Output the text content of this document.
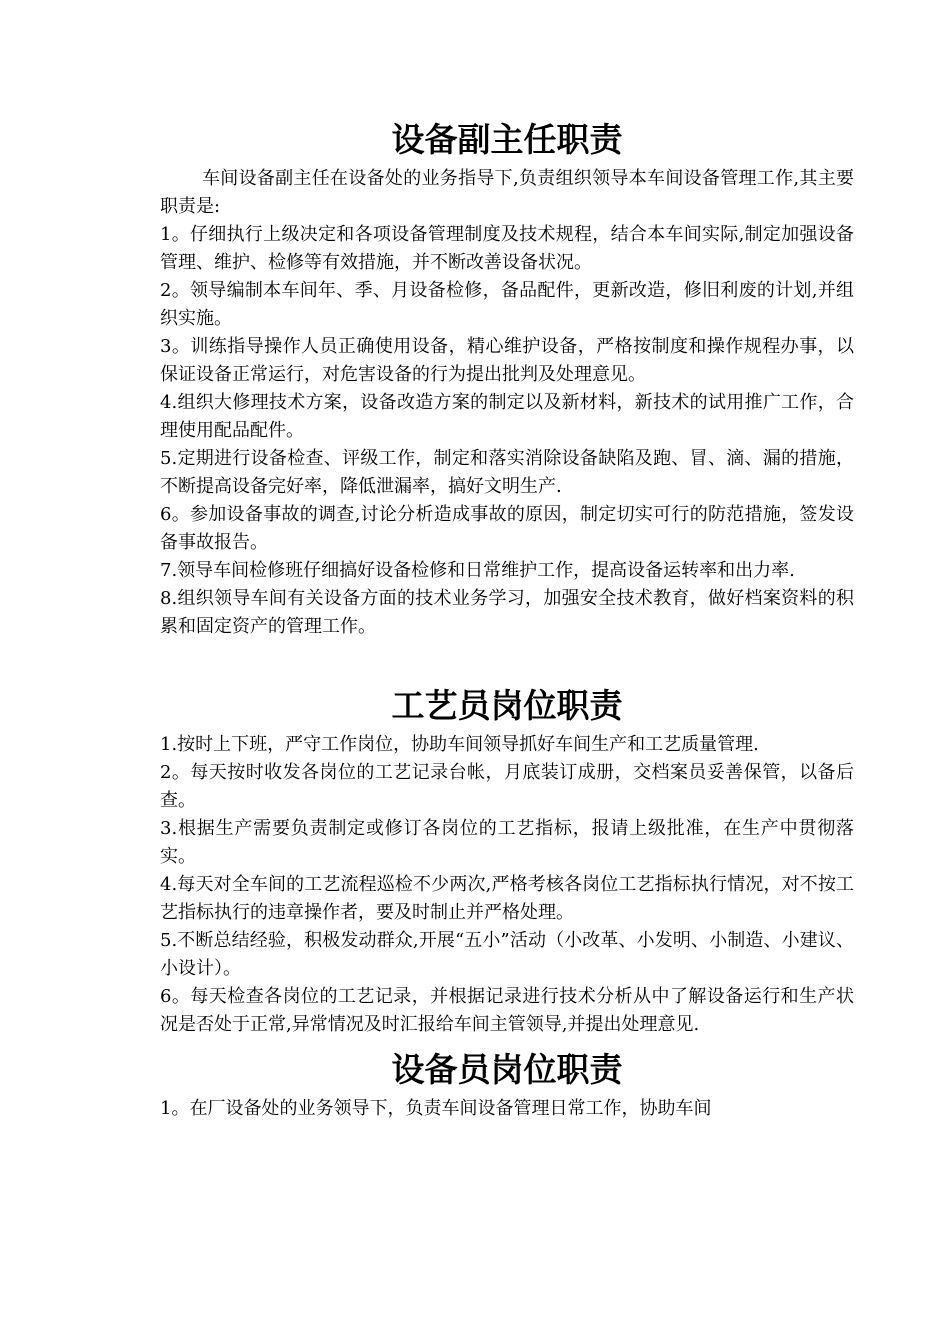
设备副主任职责

车间设备副主任在设备处的业务指导下,负责组织领导本车间设备管理工作,其主要职责是:

1。仔细执行上级决定和各项设备管理制度及技术规程，结合本车间实际,制定加强设备管理、维护、检修等有效措施，并不断改善设备状况。

2。领导编制本车间年、季、月设备检修，备品配件，更新改造，修旧利废的计划,并组织实施。

3。训练指导操作人员正确使用设备，精心维护设备，严格按制度和操作规程办事，以保证设备正常运行，对危害设备的行为提出批判及处理意见。

4.组织大修理技术方案，设备改造方案的制定以及新材料，新技术的试用推广工作，合理使用配品配件。

5.定期进行设备检查、评级工作，制定和落实消除设备缺陷及跑、冒、滴、漏的措施，不断提高设备完好率，降低泄漏率，搞好文明生产.

6。参加设备事故的调查,讨论分析造成事故的原因，制定切实可行的防范措施，签发设备事故报告。

7.领导车间检修班仔细搞好设备检修和日常维护工作，提高设备运转率和出力率.

8.组织领导车间有关设备方面的技术业务学习，加强安全技术教育，做好档案资料的积累和固定资产的管理工作。

工艺员岗位职责

1.按时上下班，严守工作岗位，协助车间领导抓好车间生产和工艺质量管理.

2。每天按时收发各岗位的工艺记录台帐，月底装订成册，交档案员妥善保管，以备后查。

3.根据生产需要负责制定或修订各岗位的工艺指标，报请上级批准，在生产中贯彻落实。

4.每天对全车间的工艺流程巡检不少两次,严格考核各岗位工艺指标执行情况，对不按工艺指标执行的违章操作者，要及时制止并严格处理。

5.不断总结经验，积极发动群众,开展“五小”活动（小改革、小发明、小制造、小建议、小设计）。

6。每天检查各岗位的工艺记录，并根据记录进行技术分析从中了解设备运行和生产状况是否处于正常,异常情况及时汇报给车间主管领导,并提出处理意见.

设备员岗位职责

1。在厂设备处的业务领导下，负责车间设备管理日常工作，协助车间
